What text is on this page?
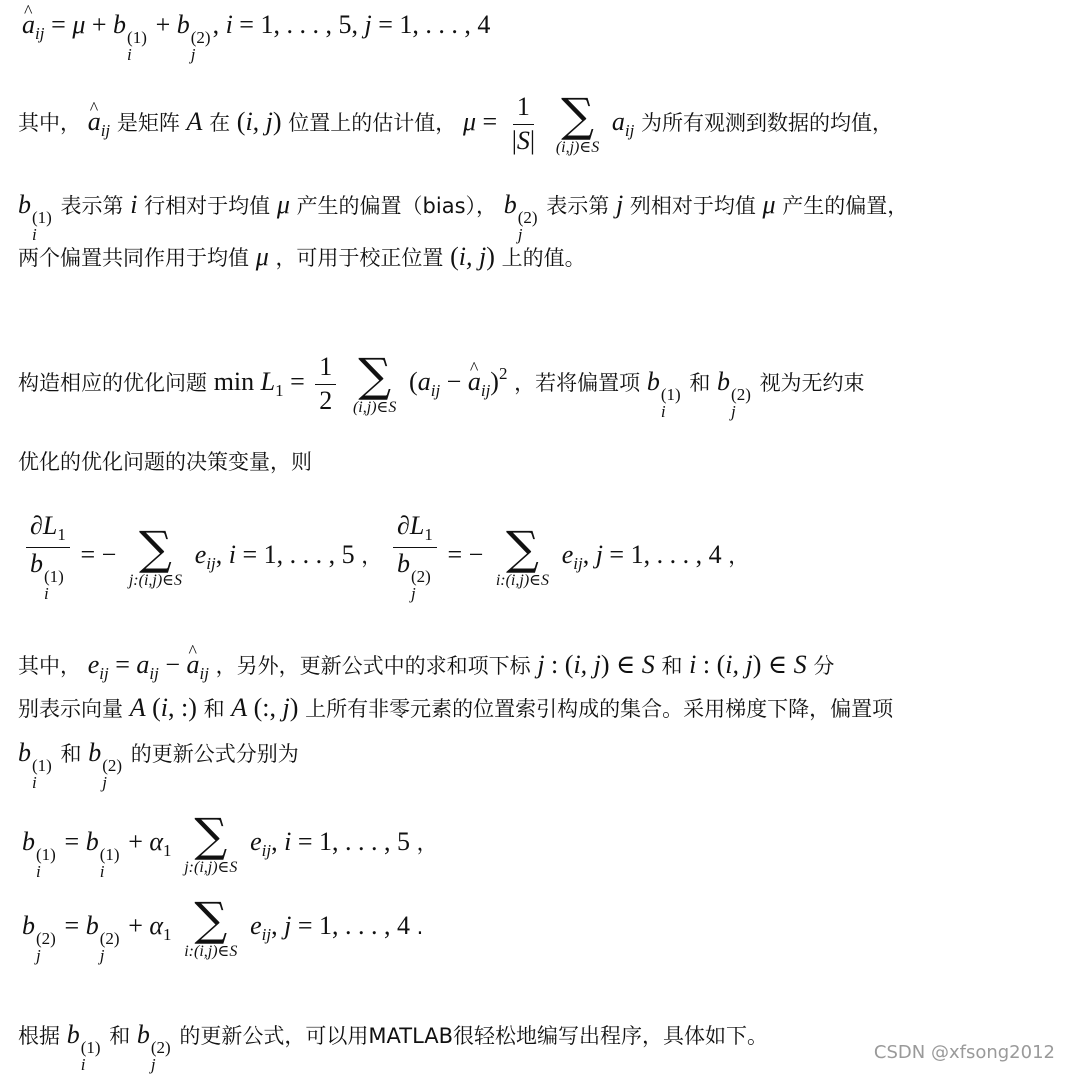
^ $a_{ij} = \mu + b$ (1)
i
+ b (2)
j
, i = 1, . . . , 5, j = 1, . . . , 4
其中， ^ $a_{ij}$ 是矩阵 A 在 (i, j) 位置上的估计值， $\mu = \frac{1}{|S|}$
∑
(i,j)∈S
$a_{ij}$ 为所有观测到数据的均值，
b (1)
i
表示第 i 行相对于均值 μ 产生的偏置（bias）， b (2)
j
表示第 j 列相对于均值 μ 产生的偏置，
两个偏置共同作用于均值 μ ，可用于校正位置 (i, j) 上的值。
构造相应的优化问题 $\min L_1 = \frac{1}{2}$
∑
(i,j)∈S
($a_{ij}$ − ^ $a_{ij})^2$ ，若将偏置项 b (1)
i
和 b (2)
j
视为无约束
优化的优化问题的决策变量，则
$\partial L_1$
b (1)
i = − ∑
j:(i,j)∈S
$e_{ij}$, i = 1, . . . , 5 ， $\partial L_1$
b (2)
j = − ∑
i:(i,j)∈S
$e_{ij}$, j = 1, . . . , 4 ，
其中， $e_{ij} = a_{ij}$ − ^ $a_{ij}$ ，另外，更新公式中的求和项下标 j : (i, j) ∈ S 和 i : (i, j) ∈ S 分
别表示向量 A (i, :) 和 A (:, j) 上所有非零元素的位置索引构成的集合。采用梯度下降，偏置项
b (1)
i
和 b (2)
j
的更新公式分别为
b (1)
i
= b (1)
i
+ $\alpha_1$ ∑
j:(i,j)∈S
$e_{ij}$, i = 1, . . . , 5 ，
b (2)
j
= b (2)
j
+ $\alpha_1$ ∑
i:(i,j)∈S
$e_{ij}$, j = 1, . . . , 4 .
根据 b (1)
i
和 b (2)
j
的更新公式，可以用MATLAB很轻松地编写出程序，具体如下。
CSDN @xfsong2012
